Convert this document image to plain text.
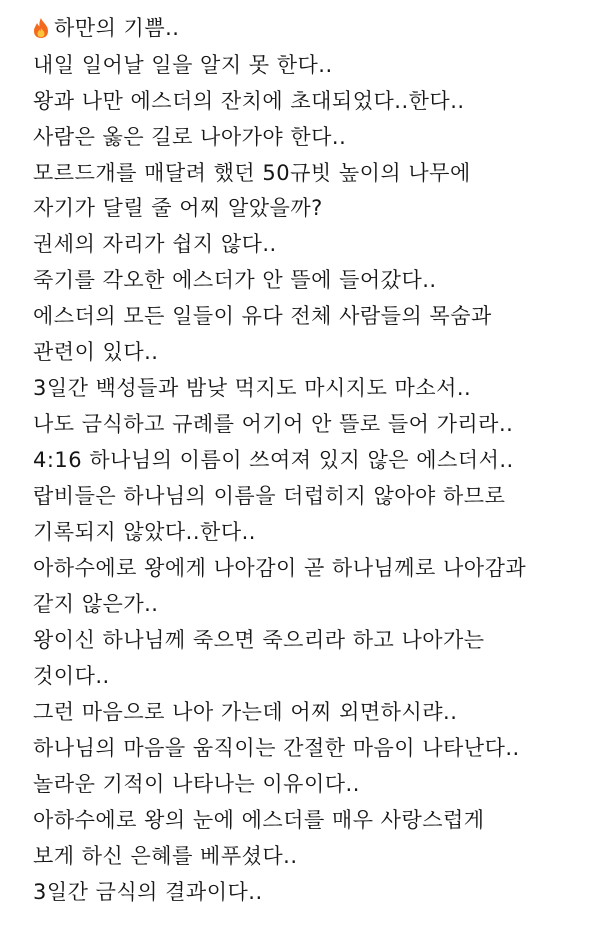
하만의 기쁨..
내일 일어날 일을 알지 못 한다..
왕과 나만 에스더의 잔치에 초대되었다..한다..
사람은 옳은 길로 나아가야 한다..
모르드개를 매달려 했던 50규빗 높이의 나무에
자기가 달릴 줄 어찌 알았을까?
권세의 자리가 쉽지 않다..
죽기를 각오한 에스더가 안 뜰에 들어갔다..
에스더의 모든 일들이 유다 전체 사람들의 목숨과
관련이 있다..
3일간 백성들과 밤낮 먹지도 마시지도 마소서..
나도 금식하고 규례를 어기어 안 뜰로 들어 가리라..
4:16 하나님의 이름이 쓰여져 있지 않은 에스더서..
랍비들은 하나님의 이름을 더럽히지 않아야 하므로
기록되지 않았다..한다..
아하수에로 왕에게 나아감이 곧 하나님께로 나아감과
같지 않은가..
왕이신 하나님께 죽으면 죽으리라 하고 나아가는
것이다..
그런 마음으로 나아 가는데 어찌 외면하시랴..
하나님의 마음을 움직이는 간절한 마음이 나타난다..
놀라운 기적이 나타나는 이유이다..
아하수에로 왕의 눈에 에스더를 매우 사랑스럽게
보게 하신 은혜를 베푸셨다..
3일간 금식의 결과이다..
